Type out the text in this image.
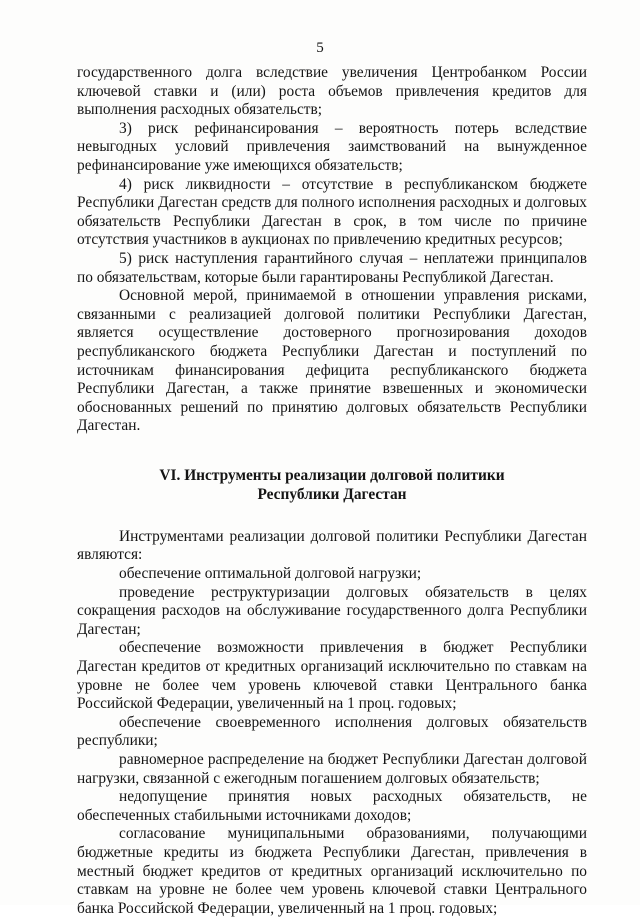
5

государственного долга вследствие увеличения Центробанком России ключевой ставки и (или) роста объемов привлечения кредитов для выполнения расходных обязательств;

3) риск рефинансирования – вероятность потерь вследствие невыгодных условий привлечения заимствований на вынужденное рефинансирование уже имеющихся обязательств;

4) риск ликвидности – отсутствие в республиканском бюджете Республики Дагестан средств для полного исполнения расходных и долговых обязательств Республики Дагестан в срок, в том числе по причине отсутствия участников в аукционах по привлечению кредитных ресурсов;

5) риск наступления гарантийного случая – неплатежи принципалов по обязательствам, которые были гарантированы Республикой Дагестан.

Основной мерой, принимаемой в отношении управления рисками, связанными с реализацией долговой политики Республики Дагестан, является осуществление достоверного прогнозирования доходов республиканского бюджета Республики Дагестан и поступлений по источникам финансирования дефицита республиканского бюджета Республики Дагестан, а также принятие взвешенных и экономически обоснованных решений по принятию долговых обязательств Республики Дагестан.

VI. Инструменты реализации долговой политики
Республики Дагестан

Инструментами реализации долговой политики Республики Дагестан являются:

обеспечение оптимальной долговой нагрузки;

проведение реструктуризации долговых обязательств в целях сокращения расходов на обслуживание государственного долга Республики Дагестан;

обеспечение возможности привлечения в бюджет Республики Дагестан кредитов от кредитных организаций исключительно по ставкам на уровне не более чем уровень ключевой ставки Центрального банка Российской Федерации, увеличенный на 1 проц. годовых;

обеспечение своевременного исполнения долговых обязательств республики;

равномерное распределение на бюджет Республики Дагестан долговой нагрузки, связанной с ежегодным погашением долговых обязательств;

недопущение принятия новых расходных обязательств, не обеспеченных стабильными источниками доходов;

согласование муниципальными образованиями, получающими бюджетные кредиты из бюджета Республики Дагестан, привлечения в местный бюджет кредитов от кредитных организаций исключительно по ставкам на уровне не более чем уровень ключевой ставки Центрального банка Российской Федерации, увеличенный на 1 проц. годовых;
